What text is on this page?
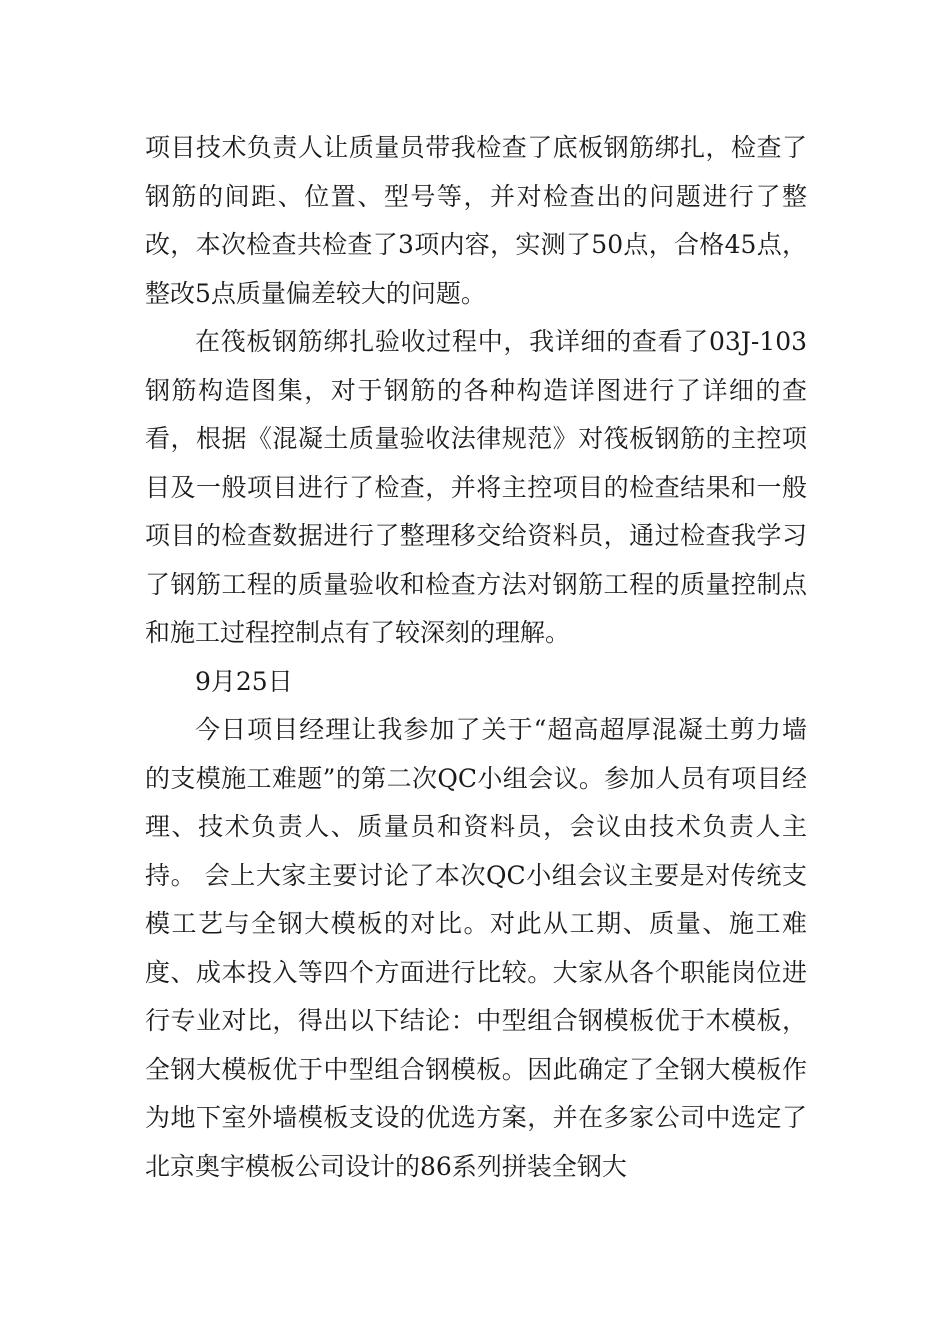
项目技术负责人让质量员带我检查了底板钢筋绑扎，检查了钢筋的间距、位置、型号等，并对检查出的问题进行了整改，本次检查共检查了3项内容，实测了50点，合格45点，整改5点质量偏差较大的问题。

在筏板钢筋绑扎验收过程中，我详细的查看了03J-103钢筋构造图集，对于钢筋的各种构造详图进行了详细的查看，根据《混凝土质量验收法律规范》对筏板钢筋的主控项目及一般项目进行了检查，并将主控项目的检查结果和一般项目的检查数据进行了整理移交给资料员，通过检查我学习了钢筋工程的质量验收和检查方法对钢筋工程的质量控制点和施工过程控制点有了较深刻的理解。

9月25日

今日项目经理让我参加了关于“超高超厚混凝土剪力墙的支模施工难题”的第二次QC小组会议。参加人员有项目经理、技术负责人、质量员和资料员，会议由技术负责人主持。 会上大家主要讨论了本次QC小组会议主要是对传统支模工艺与全钢大模板的对比。对此从工期、质量、施工难度、成本投入等四个方面进行比较。大家从各个职能岗位进行专业对比，得出以下结论：中型组合钢模板优于木模板，全钢大模板优于中型组合钢模板。因此确定了全钢大模板作为地下室外墙模板支设的优选方案，并在多家公司中选定了北京奥宇模板公司设计的86系列拼装全钢大
